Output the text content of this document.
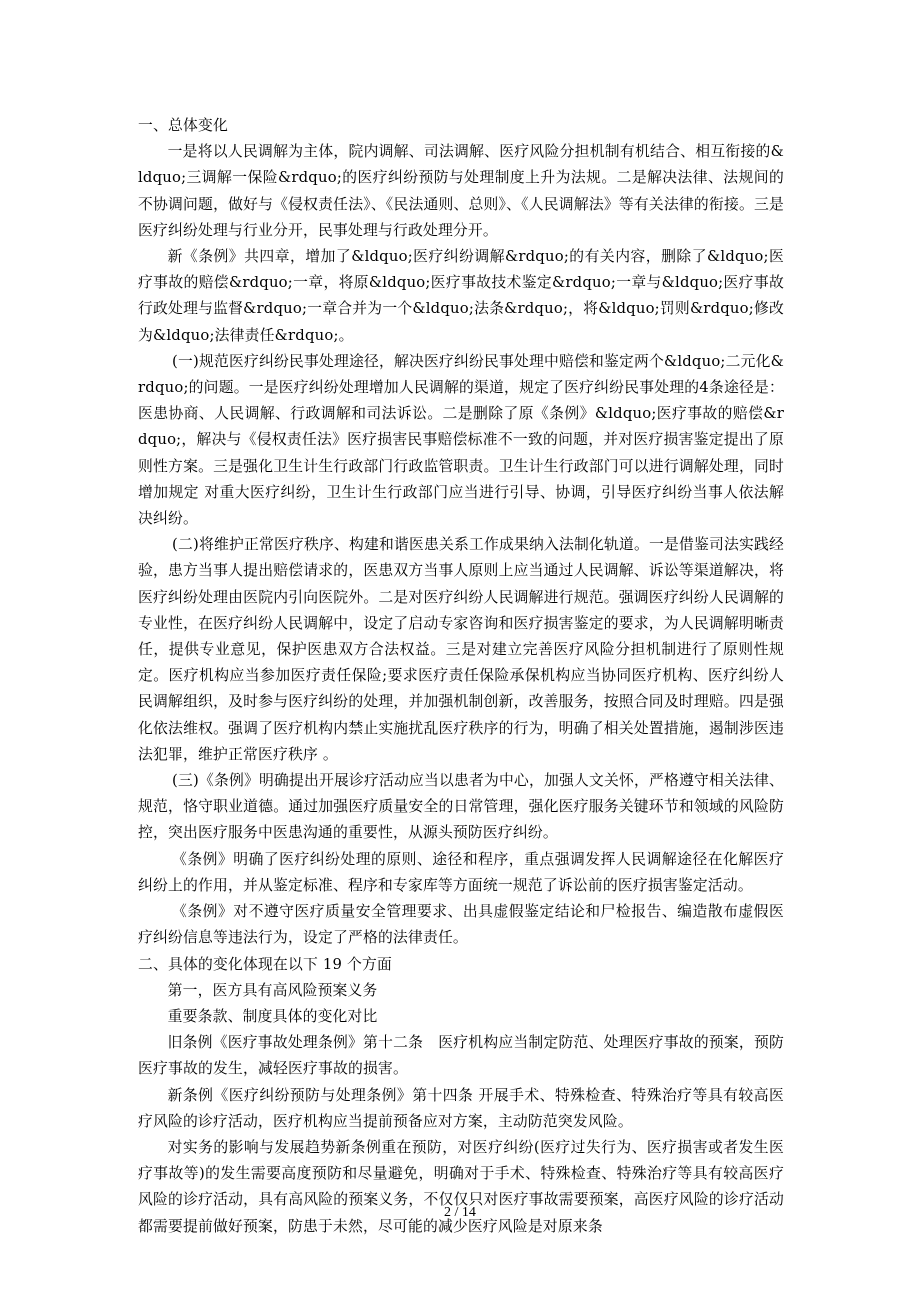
一、总体变化

一是将以人民调解为主体，院内调解、司法调解、医疗风险分担机制有机结合、相互衔接的&ldquo;三调解一保险&rdquo;的医疗纠纷预防与处理制度上升为法规。二是解决法律、法规间的不协调问题，做好与《侵权责任法》、《民法通则、总则》、《人民调解法》等有关法律的衔接。三是医疗纠纷处理与行业分开，民事处理与行政处理分开。

新《条例》共四章，增加了&ldquo;医疗纠纷调解&rdquo;的有关内容，删除了&ldquo;医疗事故的赔偿&rdquo;一章，将原&ldquo;医疗事故技术鉴定&rdquo;一章与&ldquo;医疗事故行政处理与监督&rdquo;一章合并为一个&ldquo;法条&rdquo;，将&ldquo;罚则&rdquo;修改为&ldquo;法律责任&rdquo;。

(一)规范医疗纠纷民事处理途径，解决医疗纠纷民事处理中赔偿和鉴定两个&ldquo;二元化&rdquo;的问题。一是医疗纠纷处理增加人民调解的渠道，规定了医疗纠纷民事处理的4条途径是：医患协商、人民调解、行政调解和司法诉讼。二是删除了原《条例》&ldquo;医疗事故的赔偿&rdquo;，解决与《侵权责任法》医疗损害民事赔偿标准不一致的问题，并对医疗损害鉴定提出了原则性方案。三是强化卫生计生行政部门行政监管职责。卫生计生行政部门可以进行调解处理，同时增加规定 对重大医疗纠纷，卫生计生行政部门应当进行引导、协调，引导医疗纠纷当事人依法解决纠纷。

(二)将维护正常医疗秩序、构建和谐医患关系工作成果纳入法制化轨道。一是借鉴司法实践经验，患方当事人提出赔偿请求的，医患双方当事人原则上应当通过人民调解、诉讼等渠道解决，将医疗纠纷处理由医院内引向医院外。二是对医疗纠纷人民调解进行规范。强调医疗纠纷人民调解的专业性，在医疗纠纷人民调解中，设定了启动专家咨询和医疗损害鉴定的要求，为人民调解明晰责任，提供专业意见，保护医患双方合法权益。三是对建立完善医疗风险分担机制进行了原则性规定。医疗机构应当参加医疗责任保险;要求医疗责任保险承保机构应当协同医疗机构、医疗纠纷人民调解组织，及时参与医疗纠纷的处理，并加强机制创新，改善服务，按照合同及时理赔。四是强化依法维权。强调了医疗机构内禁止实施扰乱医疗秩序的行为，明确了相关处置措施，遏制涉医违法犯罪，维护正常医疗秩序 。

(三)《条例》明确提出开展诊疗活动应当以患者为中心，加强人文关怀，严格遵守相关法律、规范，恪守职业道德。通过加强医疗质量安全的日常管理，强化医疗服务关键环节和领域的风险防控，突出医疗服务中医患沟通的重要性，从源头预防医疗纠纷。

《条例》明确了医疗纠纷处理的原则、途径和程序，重点强调发挥人民调解途径在化解医疗纠纷上的作用，并从鉴定标准、程序和专家库等方面统一规范了诉讼前的医疗损害鉴定活动。

《条例》对不遵守医疗质量安全管理要求、出具虚假鉴定结论和尸检报告、编造散布虚假医疗纠纷信息等违法行为，设定了严格的法律责任。

二、具体的变化体现在以下 19 个方面

第一，医方具有高风险预案义务

重要条款、制度具体的变化对比

旧条例《医疗事故处理条例》第十二条　医疗机构应当制定防范、处理医疗事故的预案，预防医疗事故的发生，减轻医疗事故的损害。

新条例《医疗纠纷预防与处理条例》第十四条 开展手术、特殊检查、特殊治疗等具有较高医疗风险的诊疗活动，医疗机构应当提前预备应对方案，主动防范突发风险。

对实务的影响与发展趋势新条例重在预防，对医疗纠纷(医疗过失行为、医疗损害或者发生医疗事故等)的发生需要高度预防和尽量避免，明确对于手术、特殊检查、特殊治疗等具有较高医疗风险的诊疗活动，具有高风险的预案义务，不仅仅只对医疗事故需要预案，高医疗风险的诊疗活动都需要提前做好预案，防患于未然，尽可能的减少医疗风险是对原来条

2 / 14
